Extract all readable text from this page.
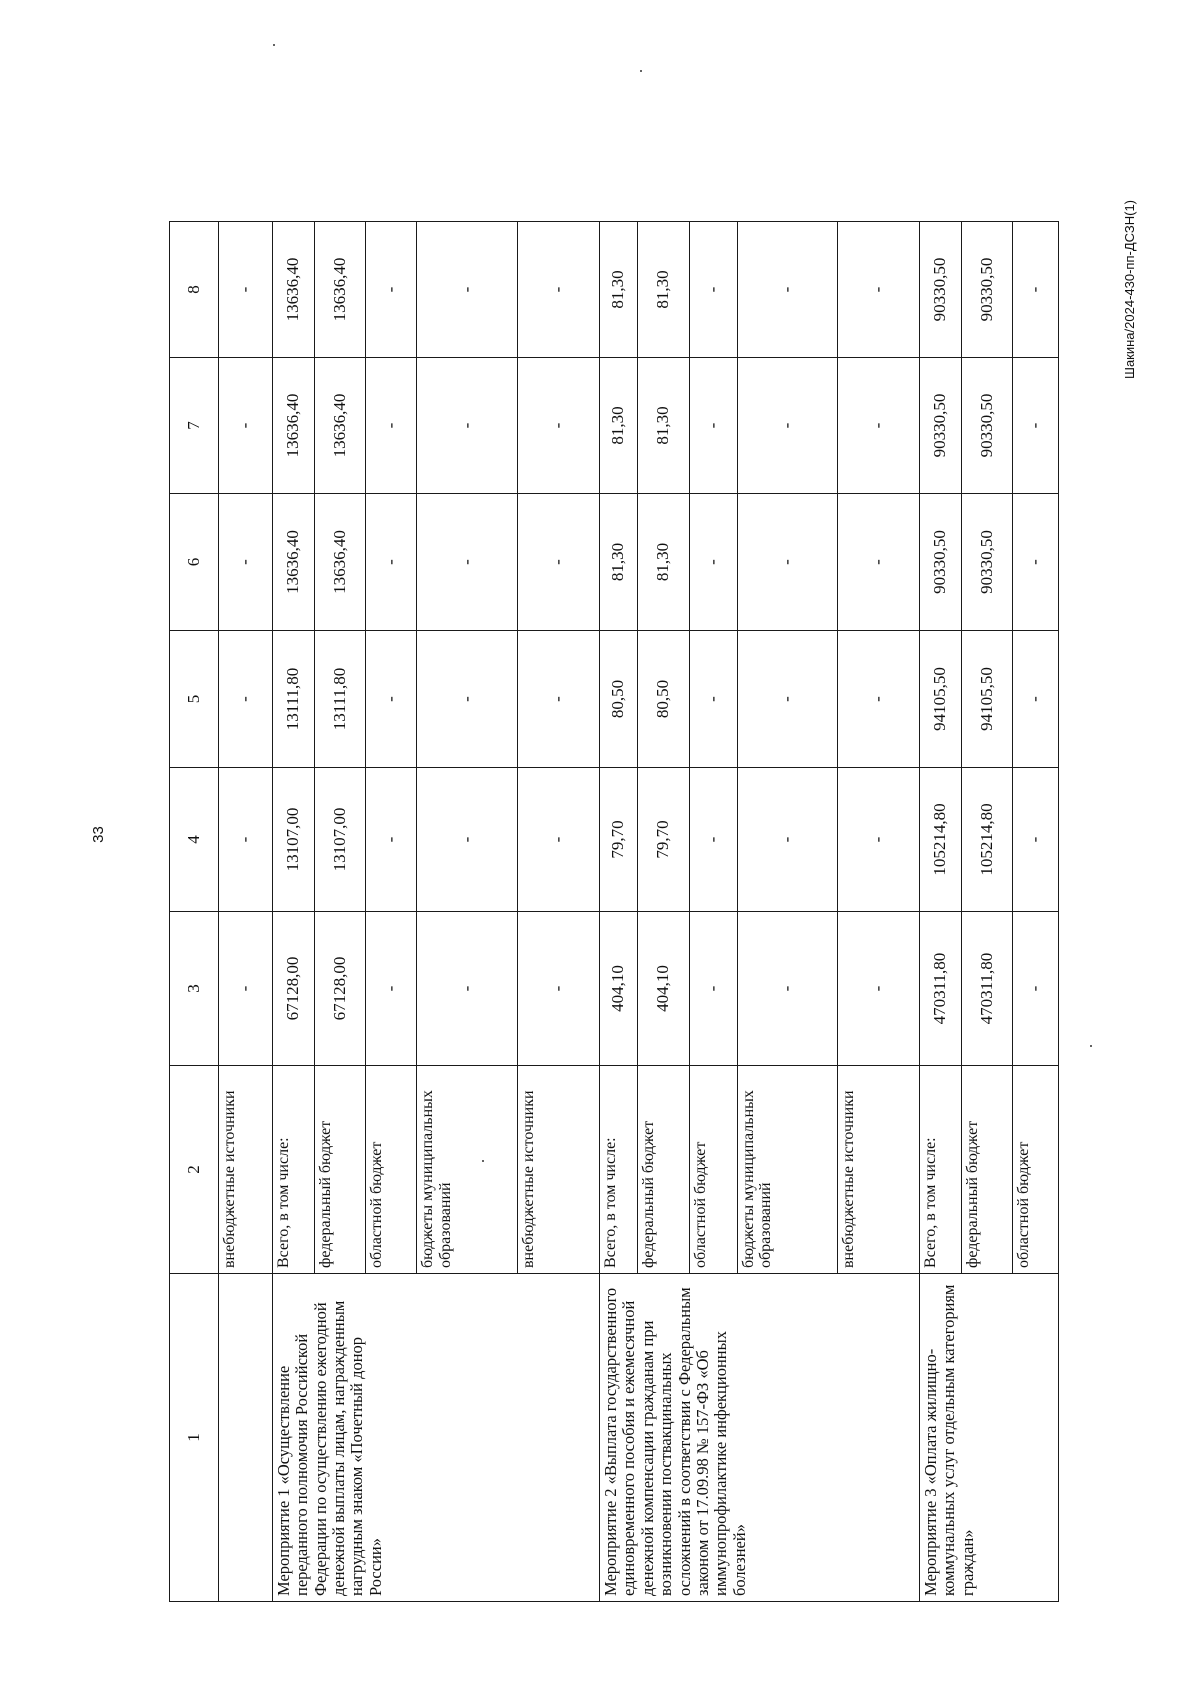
33
Шакина/2024-430-пп-ДСЗН(1)
1	2	3	4	5	6	7	8
	внебюджетные источники	-	-	-	-	-	-
Мероприятие 1 «Осуществление переданного полномочия Российской Федерации по осуществлению ежегодной денежной выплаты лицам, награжденным нагрудным знаком «Почетный донор России»	Всего, в том числе:	67128,00	13107,00	13111,80	13636,40	13636,40	13636,40
	федеральный бюджет	67128,00	13107,00	13111,80	13636,40	13636,40	13636,40
	областной бюджет	-	-	-	-	-	-
	бюджеты муниципальных образований	-	-	-	-	-	-
	внебюджетные источники	-	-	-	-	-	-
Мероприятие 2 «Выплата государственного единовременного пособия и ежемесячной денежной компенсации гражданам при возникновении поствакцинальных осложнений в соответствии с Федеральным законом от 17.09.98 № 157-ФЗ «Об иммунопрофилактике инфекционных болезней»	Всего, в том числе:	404,10	79,70	80,50	81,30	81,30	81,30
	федеральный бюджет	404,10	79,70	80,50	81,30	81,30	81,30
	областной бюджет	-	-	-	-	-	-
	бюджеты муниципальных образований	-	-	-	-	-	-
	внебюджетные источники	-	-	-	-	-	-
Мероприятие 3 «Оплата жилищно-коммунальных услуг отдельным категориям граждан»	Всего, в том числе:	470311,80	105214,80	94105,50	90330,50	90330,50	90330,50
	федеральный бюджет	470311,80	105214,80	94105,50	90330,50	90330,50	90330,50
	областной бюджет	-	-	-	-	-	-
